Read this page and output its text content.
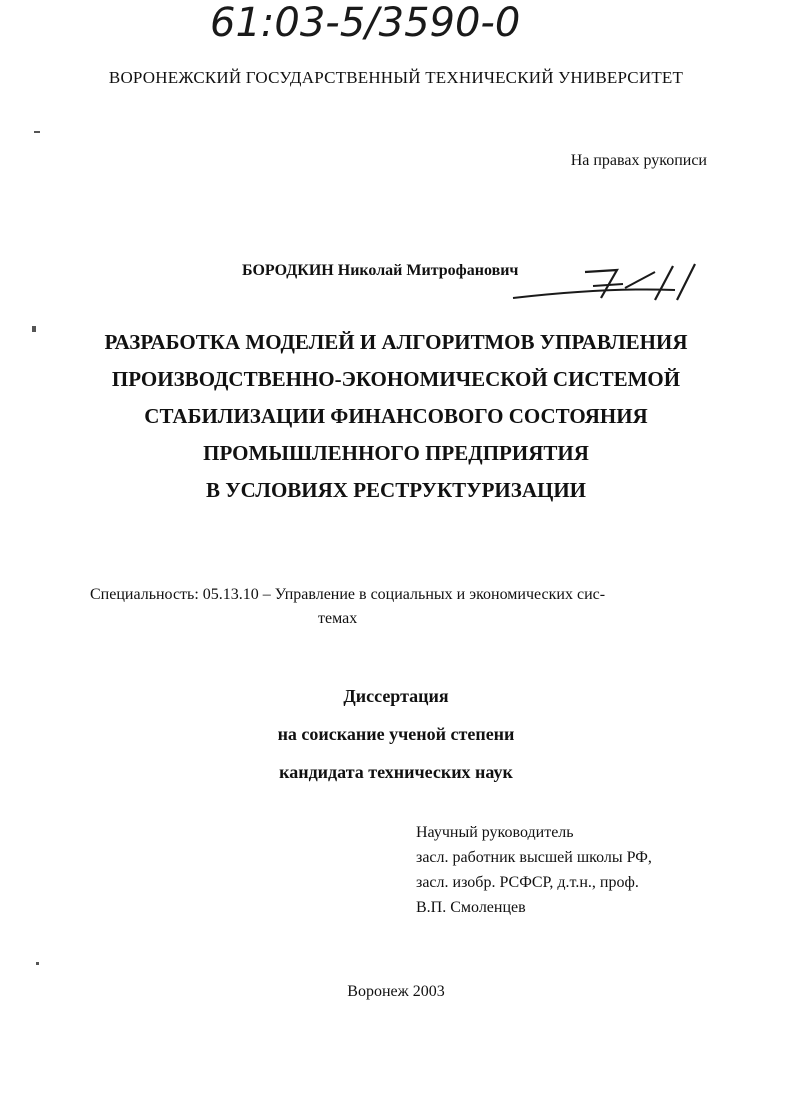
61:03-5/3590-0
ВОРОНЕЖСКИЙ ГОСУДАРСТВЕННЫЙ ТЕХНИЧЕСКИЙ УНИВЕРСИТЕТ
На правах рукописи
БОРОДКИН Николай Митрофанович
РАЗРАБОТКА МОДЕЛЕЙ И АЛГОРИТМОВ УПРАВЛЕНИЯ
ПРОИЗВОДСТВЕННО-ЭКОНОМИЧЕСКОЙ СИСТЕМОЙ
СТАБИЛИЗАЦИИ ФИНАНСОВОГО СОСТОЯНИЯ
ПРОМЫШЛЕННОГО ПРЕДПРИЯТИЯ
В УСЛОВИЯХ РЕСТРУКТУРИЗАЦИИ
Специальность: 05.13.10 – Управление в социальных и экономических сис-
темах
Диссертация
на соискание ученой степени
кандидата технических наук
Научный руководитель
засл. работник высшей школы РФ,
засл. изобр. РСФСР, д.т.н., проф.
В.П. Смоленцев
Воронеж 2003
